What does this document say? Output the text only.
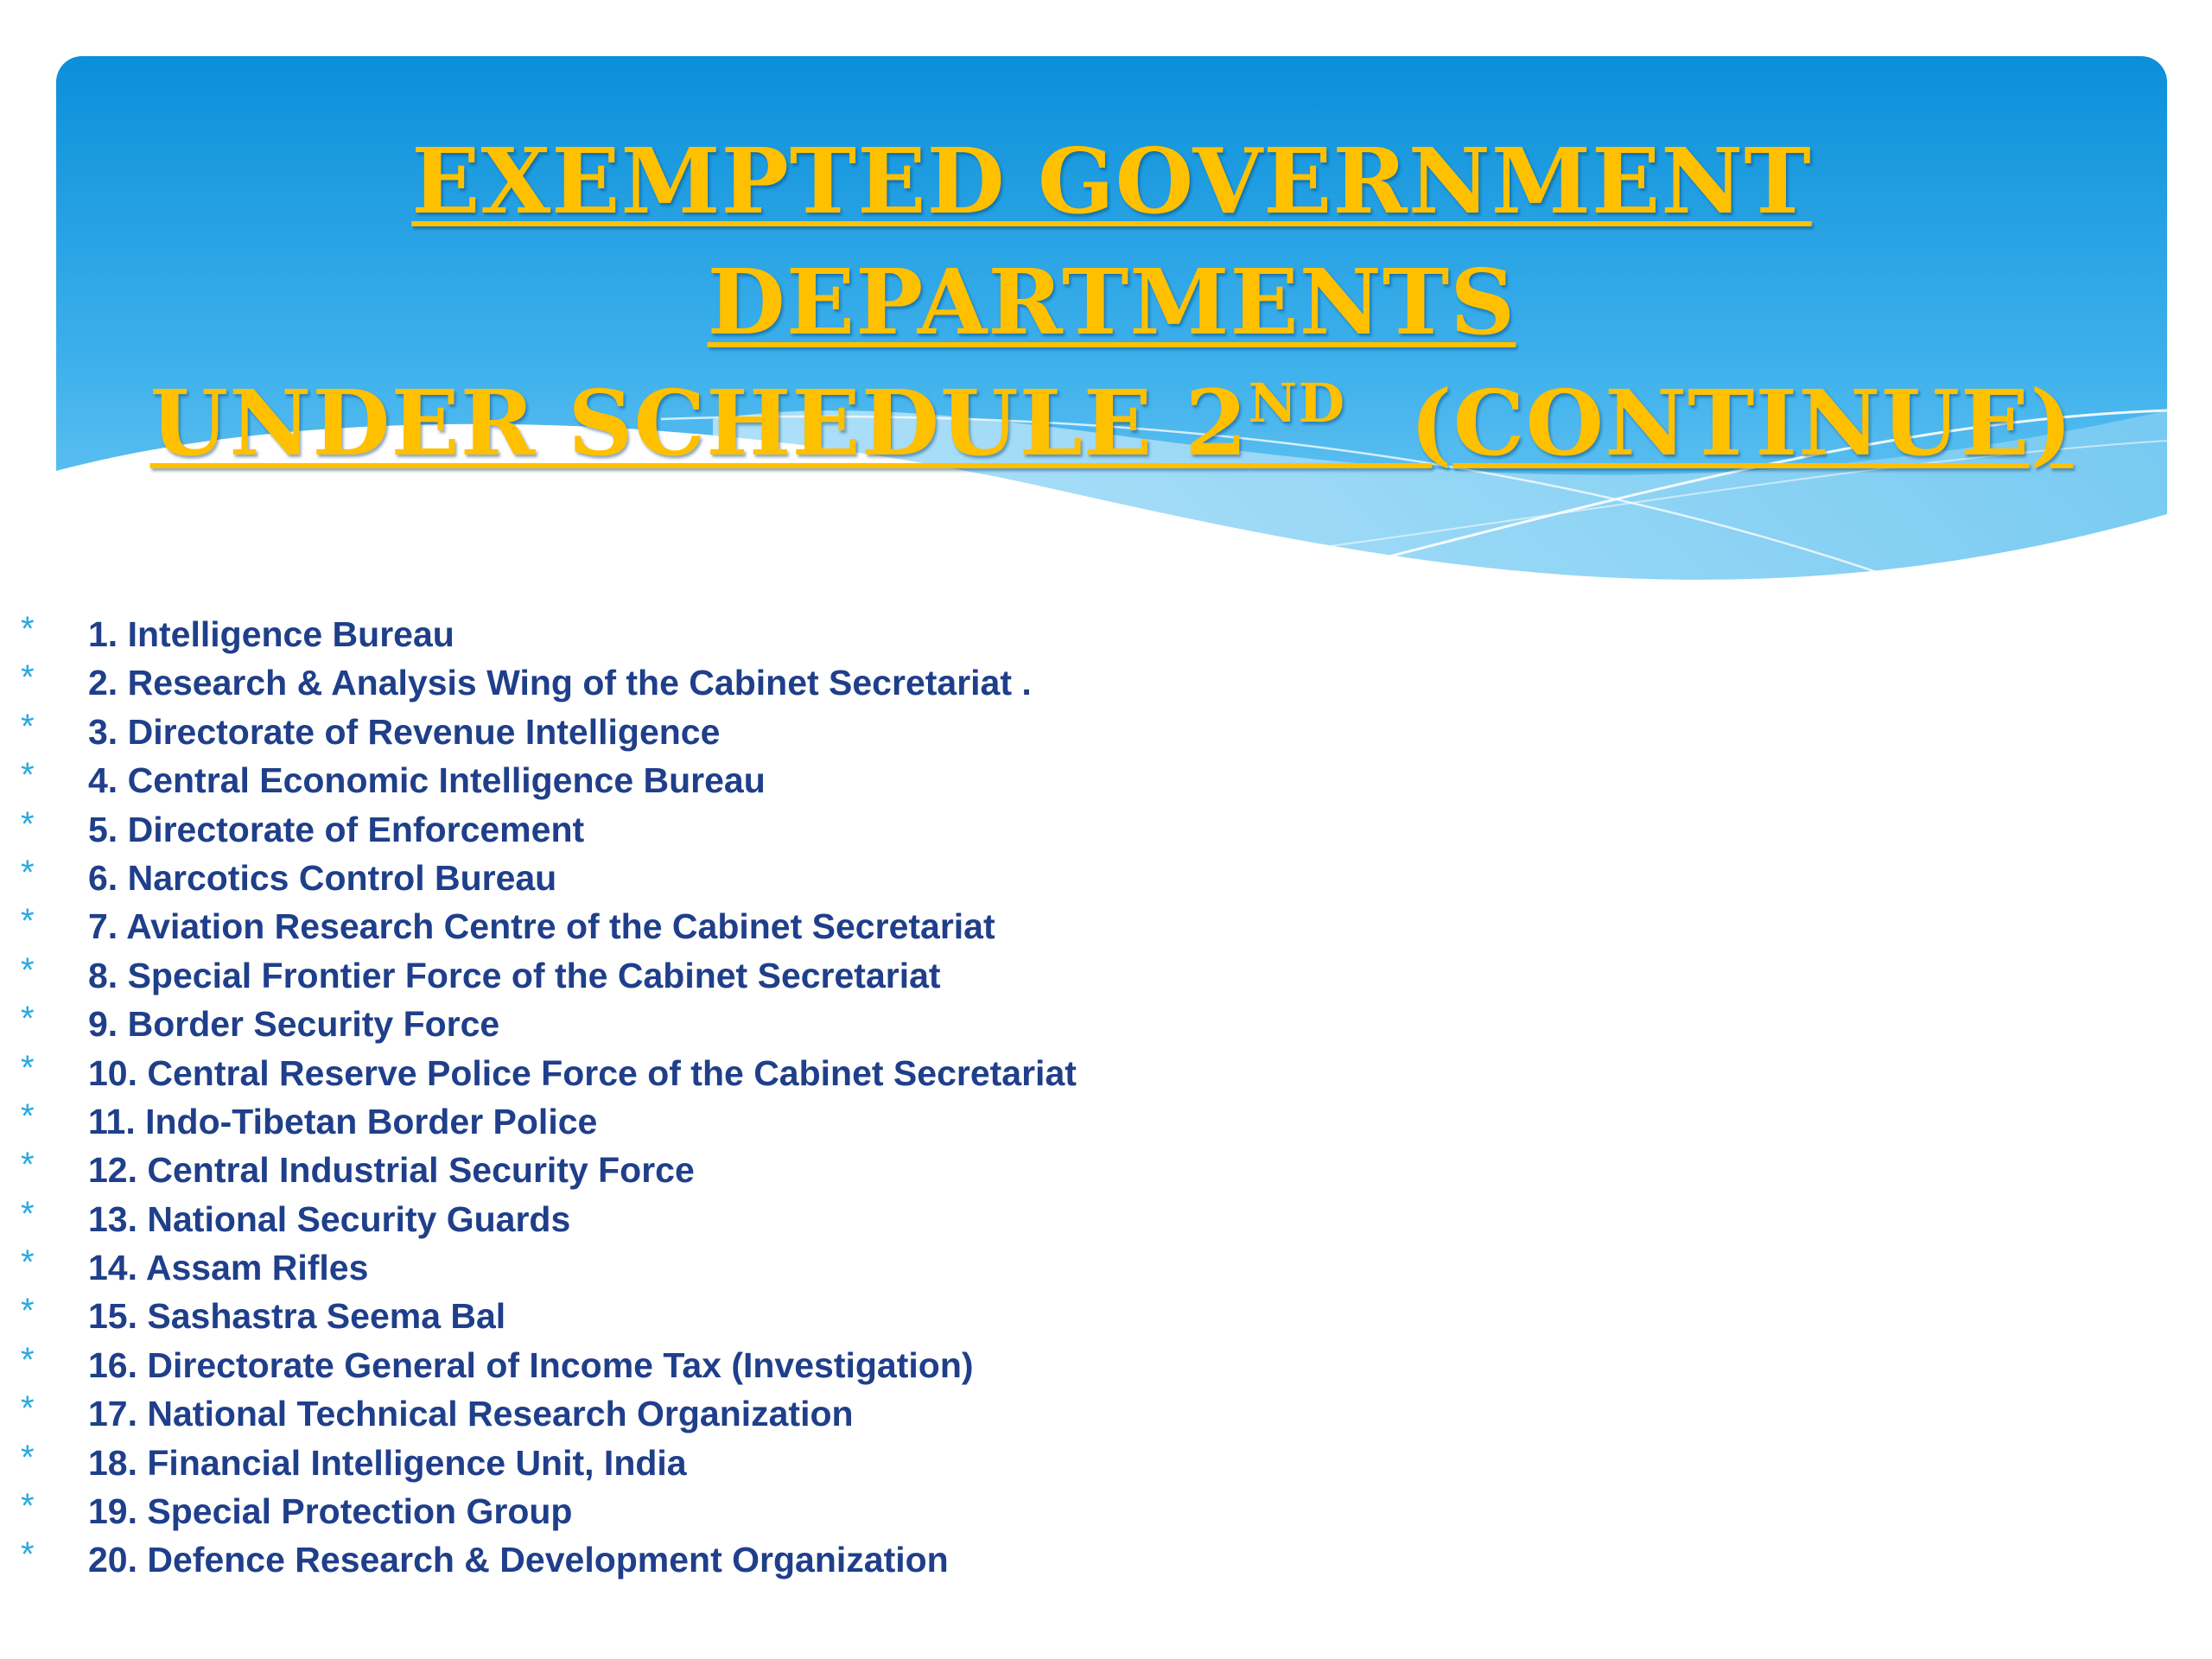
EXEMPTED GOVERNMENT DEPARTMENTS
UNDER SCHEDULE 2ND  (CONTINUE)
* 1. Intelligence Bureau
* 2. Research & Analysis Wing of the Cabinet Secretariat .
* 3. Directorate of Revenue Intelligence
* 4. Central Economic Intelligence Bureau
* 5. Directorate of Enforcement
* 6. Narcotics Control Bureau
* 7. Aviation Research Centre of the Cabinet Secretariat
* 8. Special Frontier Force of the Cabinet Secretariat
* 9. Border Security Force
* 10. Central Reserve Police Force of the Cabinet Secretariat
* 11. Indo-Tibetan Border Police
* 12. Central Industrial Security Force
* 13. National Security Guards
* 14. Assam Rifles
* 15. Sashastra Seema Bal
* 16. Directorate General of Income Tax (Investigation)
* 17. National Technical Research Organization
* 18. Financial Intelligence Unit, India
* 19. Special Protection Group
* 20. Defence Research & Development Organization
